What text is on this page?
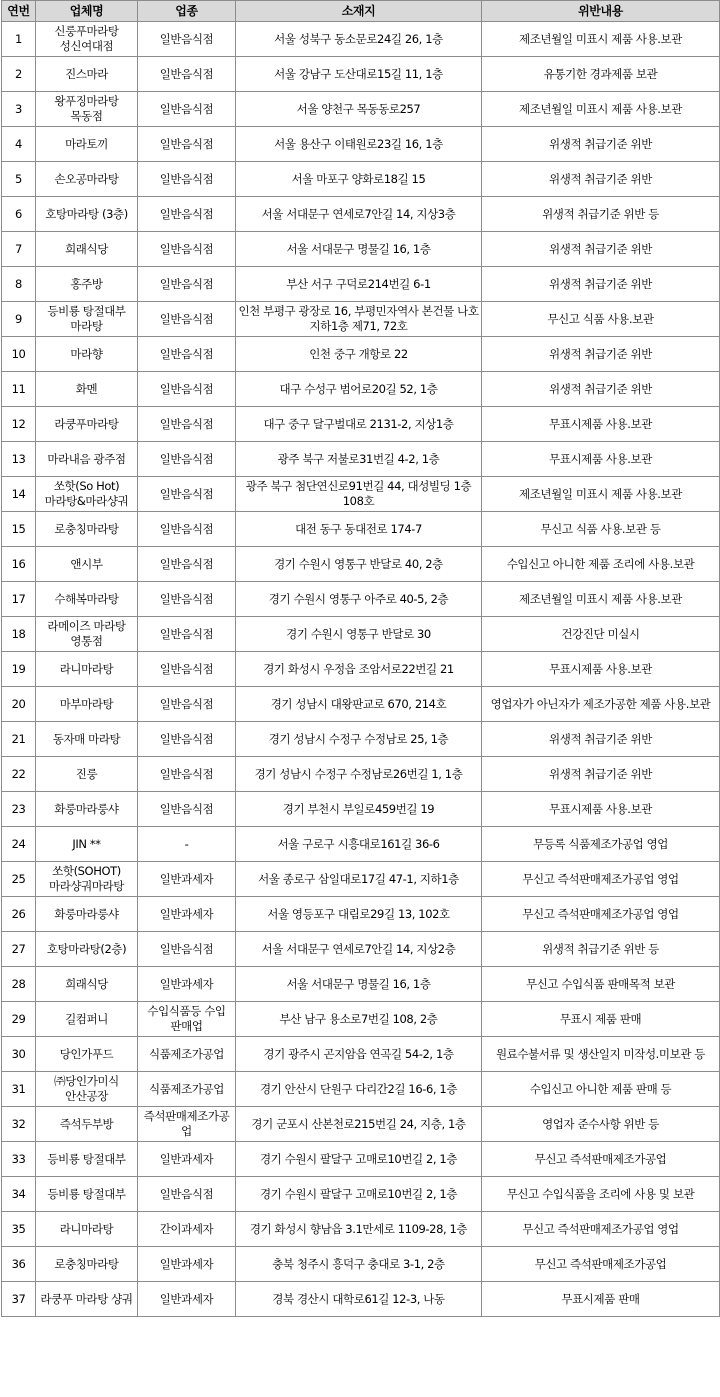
연번	업체명	업종	소재지	위반내용
1	신룽푸마라탕 성신여대점	일반음식점	서울 성북구 동소문로24길 26, 1층	제조년월일 미표시 제품 사용.보관
2	진스마라	일반음식점	서울 강남구 도산대로15길 11, 1층	유통기한 경과제품 보관
3	왕푸징마라탕 목동점	일반음식점	서울 양천구 목동동로257	제조년월일 미표시 제품 사용.보관
4	마라토끼	일반음식점	서울 용산구 이태원로23길 16, 1층	위생적 취급기준 위반
5	손오공마라탕	일반음식점	서울 마포구 양화로18길 15	위생적 취급기준 위반
6	호탕마라탕 (3층)	일반음식점	서울 서대문구 연세로7안길 14, 지상3층	위생적 취급기준 위반 등
7	희래식당	일반음식점	서울 서대문구 명물길 16, 1층	위생적 취급기준 위반
8	홍주방	일반음식점	부산 서구 구덕로214번길 6-1	위생적 취급기준 위반
9	등비룡 탕절대부 마라탕	일반음식점	인천 부평구 광장로 16, 부평민자역사 본건물 나호 지하1층 제71, 72호	무신고 식품 사용.보관
10	마라향	일반음식점	인천 중구 개항로 22	위생적 취급기준 위반
11	화멘	일반음식점	대구 수성구 범어로20길 52, 1층	위생적 취급기준 위반
12	라쿵푸마라탕	일반음식점	대구 중구 달구벌대로 2131-2, 지상1층	무표시제품 사용.보관
13	마라내음 광주점	일반음식점	광주 북구 저불로31번길 4-2, 1층	무표시제품 사용.보관
14	쏘핫(So Hot) 마라탕&마라샹궈	일반음식점	광주 북구 첨단연신로91번길 44, 대성빌딩 1층 108호	제조년월일 미표시 제품 사용.보관
15	로충칭마라탕	일반음식점	대전 동구 동대전로 174-7	무신고 식품 사용.보관 등
16	앤시부	일반음식점	경기 수원시 영통구 반달로 40, 2층	수입신고 아니한 제품 조리에 사용.보관
17	수해복마라탕	일반음식점	경기 수원시 영통구 아주로 40-5, 2층	제조년월일 미표시 제품 사용.보관
18	라메이즈 마라탕 영통점	일반음식점	경기 수원시 영통구 반달로 30	건강진단 미실시
19	라니마라탕	일반음식점	경기 화성시 우정읍 조암서로22번길 21	무표시제품 사용.보관
20	마부마라탕	일반음식점	경기 성남시 대왕판교로 670, 214호	영업자가 아닌자가 제조가공한 제품 사용.보관
21	동자매 마라탕	일반음식점	경기 성남시 수정구 수정남로 25, 1층	위생적 취급기준 위반
22	진룽	일반음식점	경기 성남시 수정구 수정남로26번길 1, 1층	위생적 취급기준 위반
23	화룽마라룽샤	일반음식점	경기 부천시 부일로459번길 19	무표시제품 사용.보관
24	JIN **	-	서울 구로구 시흥대로161길 36-6	무등록 식품제조가공업 영업
25	쏘핫(SOHOT) 마라샹궈마라탕	일반과세자	서울 종로구 삼일대로17길 47-1, 지하1층	무신고 즉석판매제조가공업 영업
26	화룽마라룽샤	일반과세자	서울 영등포구 대림로29길 13, 102호	무신고 즉석판매제조가공업 영업
27	호탕마라탕(2층)	일반음식점	서울 서대문구 연세로7안길 14, 지상2층	위생적 취급기준 위반 등
28	희래식당	일반과세자	서울 서대문구 명물길 16, 1층	무신고 수입식품 판매목적 보관
29	길컴퍼니	수입식품등 수입 판매업	부산 남구 용소로7번길 108, 2층	무표시 제품 판매
30	당인가푸드	식품제조가공업	경기 광주시 곤지암읍 연곡길 54-2, 1층	원료수불서류 및 생산일지 미작성.미보관 등
31	㈜당인가미식 안산공장	식품제조가공업	경기 안산시 단원구 다리간2길 16-6, 1층	수입신고 아니한 제품 판매 등
32	즉석두부방	즉석판매제조가공업	경기 군포시 산본천로215번길 24, 지층, 1층	영업자 준수사항 위반 등
33	등비룡 탕절대부	일반과세자	경기 수원시 팔달구 고매로10번길 2, 1층	무신고 즉석판매제조가공업
34	등비룡 탕절대부	일반음식점	경기 수원시 팔달구 고매로10번길 2, 1층	무신고 수입식품을 조리에 사용 및 보관
35	라니마라탕	간이과세자	경기 화성시 향남읍 3.1만세로 1109-28, 1층	무신고 즉석판매제조가공업 영업
36	로충칭마라탕	일반과세자	충북 청주시 흥덕구 충대로 3-1, 2층	무신고 즉석판매제조가공업
37	라쿵푸 마라탕 샹궈	일반과세자	경북 경산시 대학로61길 12-3, 나동	무표시제품 판매
